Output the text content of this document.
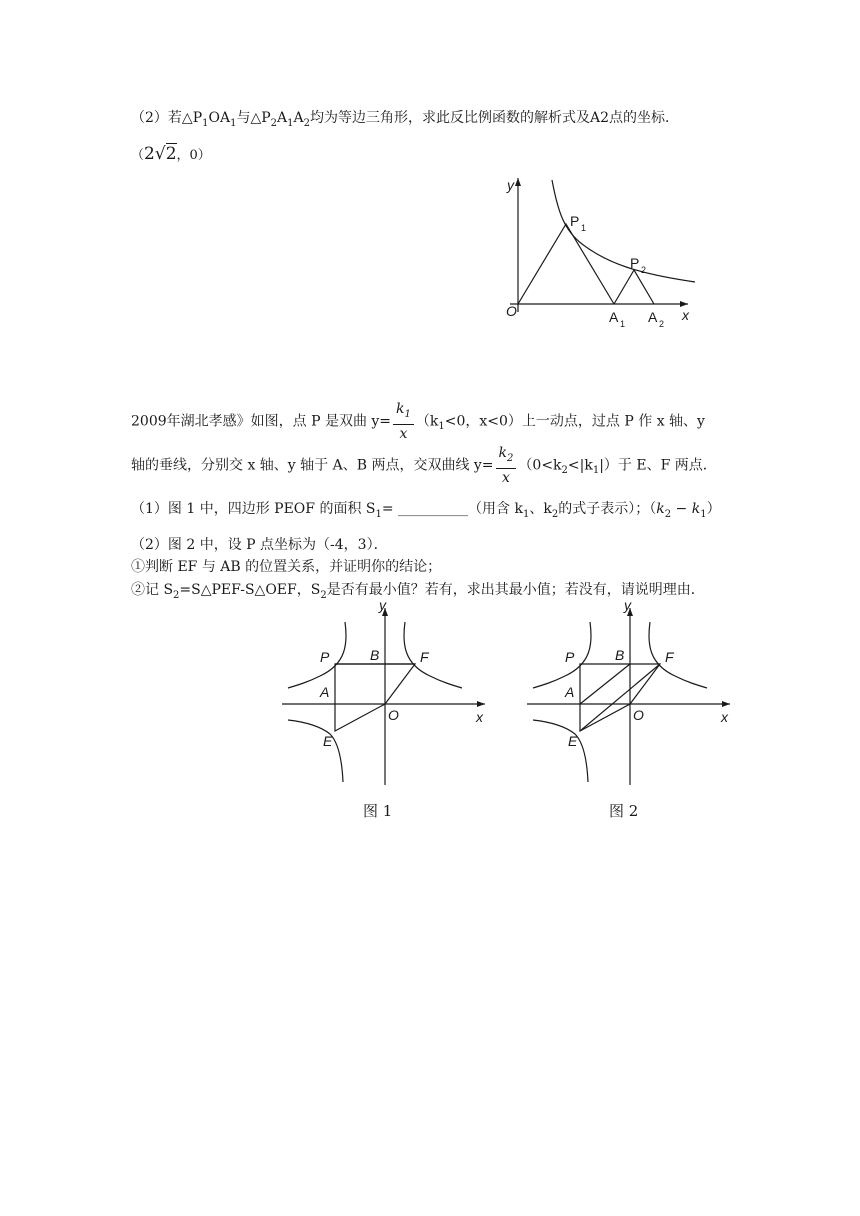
（2）若$\triangle P_1OA_1$与$\triangle P_2A_1A_2$均为等边三角形，求此反比例函数的解析式及A2点的坐标．
（2√2，0）
y
x
O
P 1
P 2
A 1 A 2
2009年湖北孝感》如图，点 P 是双曲 $y= \frac{k_1}{x} (k_1<0$，x<0）上一动点，过点 P 作 x 轴、y
轴的垂线，分别交 x 轴、y 轴于 A、B 两点，交双曲线 $y= \frac{k_2}{x} (0<k_2<|k_1|)$于 E、F 两点．
（1）图 1 中，四边形 PEOF 的面积 $S_1=$ __________（用含 $k_1$、$k_2$的式子表示）；$(k_2 - k_1)$
（2）图 2 中，设 P 点坐标为（-4，3）．
①判断 EF 与 AB 的位置关系，并证明你的结论；
②记 $S_2=S\triangle PEF-S\triangle OEF$，$S_2$是否有最小值？若有，求出其最小值；若没有，请说明理由．
y
x
P	B	F
A
O
E
图 1
y
x
P	B	F
A
O
E
图 2
